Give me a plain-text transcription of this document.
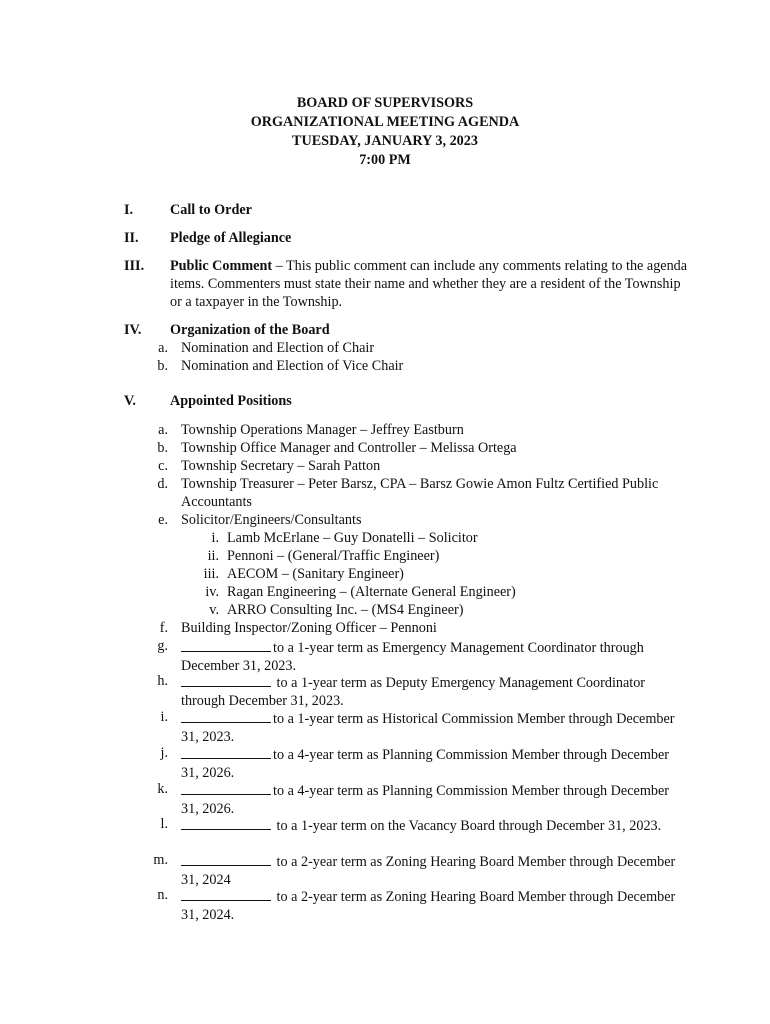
BOARD OF SUPERVISORS
ORGANIZATIONAL MEETING AGENDA
TUESDAY, JANUARY 3, 2023
7:00 PM
I.	Call to Order
II. Pledge of Allegiance
III. Public Comment – This public comment can include any comments relating to the agenda items. Commenters must state their name and whether they are a resident of the Township or a taxpayer in the Township.
IV. Organization of the Board
a. Nomination and Election of Chair
b. Nomination and Election of Vice Chair
V. Appointed Positions
a. Township Operations Manager – Jeffrey Eastburn
b. Township Office Manager and Controller – Melissa Ortega
c. Township Secretary – Sarah Patton
d. Township Treasurer – Peter Barsz, CPA – Barsz Gowie Amon Fultz Certified Public Accountants
e. Solicitor/Engineers/Consultants
i. Lamb McErlane – Guy Donatelli – Solicitor
ii. Pennoni – (General/Traffic Engineer)
iii. AECOM – (Sanitary Engineer)
iv. Ragan Engineering – (Alternate General Engineer)
v. ARRO Consulting Inc. – (MS4 Engineer)
f. Building Inspector/Zoning Officer – Pennoni
g.	to a 1-year term as Emergency Management Coordinator through December 31, 2023.
h.	to a 1-year term as Deputy Emergency Management Coordinator through December 31, 2023.
i.	to a 1-year term as Historical Commission Member through December 31, 2023.
j.	to a 4-year term as Planning Commission Member through December 31, 2026.
k.	to a 4-year term as Planning Commission Member through December 31, 2026.
l.	to a 1-year term on the Vacancy Board through December 31, 2023.
m.	to a 2-year term as Zoning Hearing Board Member through December 31, 2024
n.	to a 2-year term as Zoning Hearing Board Member through December 31, 2024.
